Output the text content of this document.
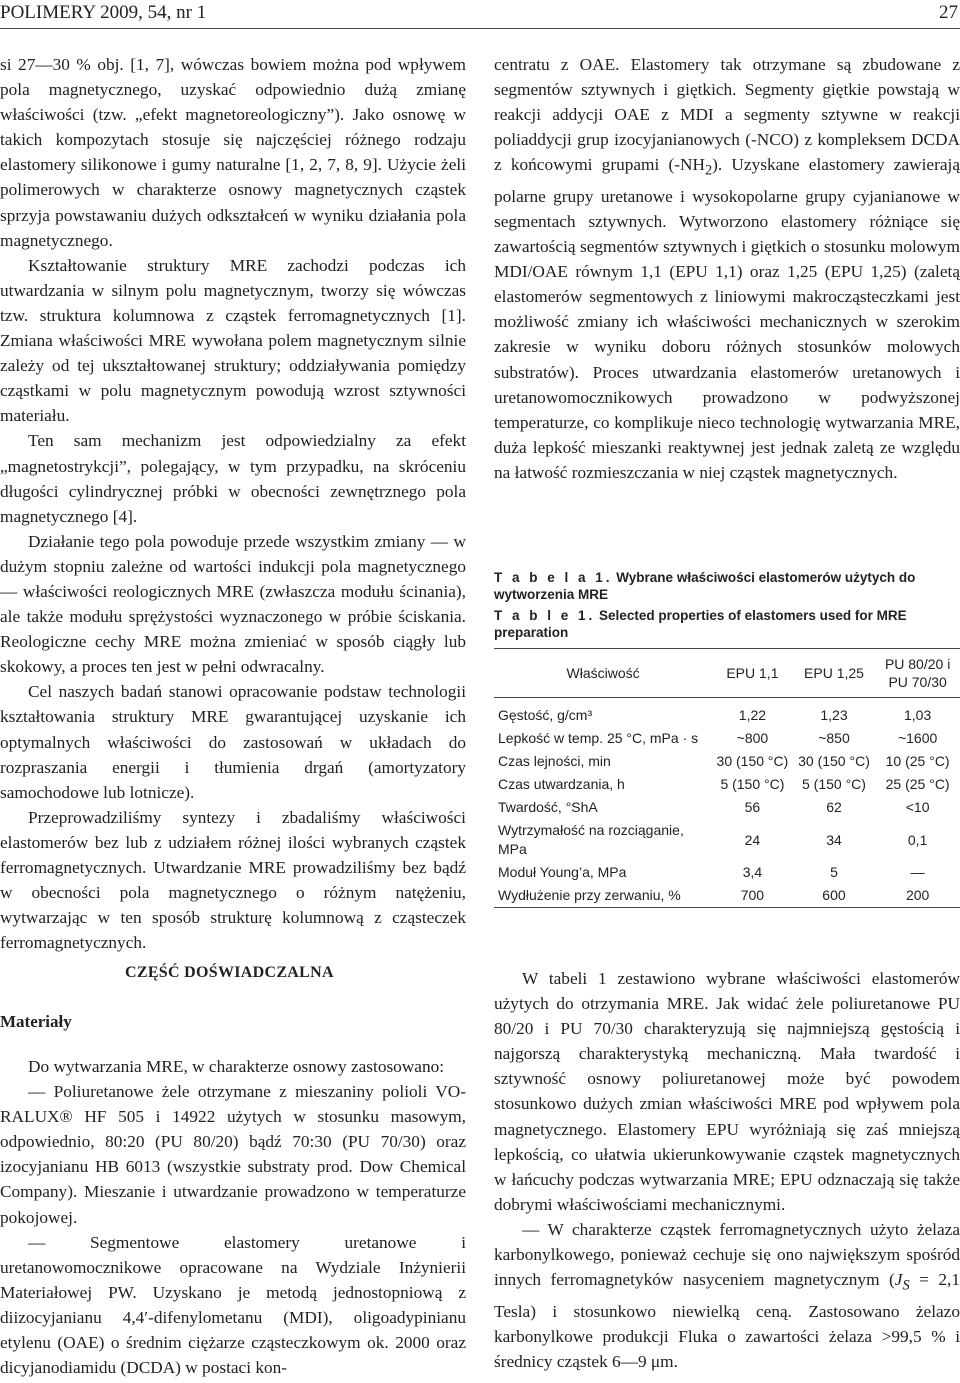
POLIMERY 2009, 54, nr 1	27

si 27—30 % obj. [1, 7], wówczas bowiem można pod wpływem pola magnetycznego, uzyskać odpowiednio dużą zmianę właściwości (tzw. „efekt magnetoreologiczny”). Jako osnowę w takich kompozytach stosuje się najczęściej różnego rodzaju elastomery silikonowe i gumy naturalne [1, 2, 7, 8, 9]. Użycie żeli polimerowych w charakterze osnowy magnetycznych cząstek sprzyja powstawaniu dużych odkształceń w wyniku działania pola magnetycznego.

Kształtowanie struktury MRE zachodzi podczas ich utwardzania w silnym polu magnetycznym, tworzy się wówczas tzw. struktura kolumnowa z cząstek ferromagnetycznych [1]. Zmiana właściwości MRE wywołana polem magnetycznym silnie zależy od tej ukształtowanej struktury; oddziaływania pomiędzy cząstkami w polu magnetycznym powodują wzrost sztywności materiału.

Ten sam mechanizm jest odpowiedzialny za efekt „magnetostrykcji”, polegający, w tym przypadku, na skróceniu długości cylindrycznej próbki w obecności zewnętrznego pola magnetycznego [4].

Działanie tego pola powoduje przede wszystkim zmiany — w dużym stopniu zależne od wartości indukcji pola magnetycznego — właściwości reologicznych MRE (zwłaszcza modułu ścinania), ale także modułu sprężystości wyznaczonego w próbie ściskania. Reologiczne cechy MRE można zmieniać w sposób ciągły lub skokowy, a proces ten jest w pełni odwracalny.

Cel naszych badań stanowi opracowanie podstaw technologii kształtowania struktury MRE gwarantującej uzyskanie ich optymalnych właściwości do zastosowań w układach do rozpraszania energii i tłumienia drgań (amortyzatory samochodowe lub lotnicze).

Przeprowadziliśmy syntezy i zbadaliśmy właściwości elastomerów bez lub z udziałem różnej ilości wybranych cząstek ferromagnetycznych. Utwardzanie MRE prowadziliśmy bez bądź w obecności pola magnetycznego o różnym natężeniu, wytwarzając w ten sposób strukturę kolumnową z cząsteczek ferromagnetycznych.

centratu z OAE. Elastomery tak otrzymane są zbudowane z segmentów sztywnych i giętkich. Segmenty giętkie powstają w reakcji addycji OAE z MDI a segmenty sztywne w reakcji poliaddycji grup izocyjanianowych (-NCO) z kompleksem DCDA z końcowymi grupami $(-NH_2)$. Uzyskane elastomery zawierają polarne grupy uretanowe i wysokopolarne grupy cyjanianowe w segmentach sztywnych. Wytworzono elastomery różniące się zawartością segmentów sztywnych i giętkich o stosunku molowym MDI/OAE równym 1,1 (EPU 1,1) oraz 1,25 (EPU 1,25) (zaletą elastomerów segmentowych z liniowymi makrocząsteczkami jest możliwość zmiany ich właściwości mechanicznych w szerokim zakresie w wyniku doboru różnych stosunków molowych substratów). Proces utwardzania elastomerów uretanowych i uretanowomocznikowych prowadzono w podwyższonej temperaturze, co komplikuje nieco technologię wytwarzania MRE, duża lepkość mieszanki reaktywnej jest jednak zaletą ze względu na łatwość rozmieszczania w niej cząstek magnetycznych.

T a b e l a 1. Wybrane właściwości elastomerów użytych do wytworzenia MRE
T a b l e 1. Selected properties of elastomers used for MRE preparation
Właściwość	EPU 1,1	EPU 1,25	PU 80/20 i PU 70/30
Gęstość, g/cm³	1,22	1,23	1,03
Lepkość w temp. 25 °C, mPa · s	~800	~850	~1600
Czas lejności, min	30 (150 °C)	30 (150 °C)	10 (25 °C)
Czas utwardzania, h	5 (150 °C)	5 (150 °C)	25 (25 °C)
Twardość, °ShA	56	62	<10
Wytrzymałość na rozciąganie, MPa	24	34	0,1
Moduł Young’a, MPa	3,4	5	—
Wydłużenie przy zerwaniu, %	700	600	200
CZĘŚĆ DOŚWIADCZALNA
Materiały

Do wytwarzania MRE, w charakterze osnowy zastosowano:

— Poliuretanowe żele otrzymane z mieszaniny polioli VO-RALUX® HF 505 i 14922 użytych w stosunku masowym, odpowiednio, 80:20 (PU 80/20) bądź 70:30 (PU 70/30) oraz izocyjanianu HB 6013 (wszystkie substraty prod. Dow Chemical Company). Mieszanie i utwardzanie prowadzono w temperaturze pokojowej.

— Segmentowe elastomery uretanowe i uretanowomocznikowe opracowane na Wydziale Inżynierii Materiałowej PW. Uzyskano je metodą jednostopniową z diizocyjanianu 4,4′-difenylometanu (MDI), oligoadypinianu etylenu (OAE) o średnim ciężarze cząsteczkowym ok. 2000 oraz dicyjanodiamidu (DCDA) w postaci kon-

W tabeli 1 zestawiono wybrane właściwości elastomerów użytych do otrzymania MRE. Jak widać żele poliuretanowe PU 80/20 i PU 70/30 charakteryzują się najmniejszą gęstością i najgorszą charakterystyką mechaniczną. Mała twardość i sztywność osnowy poliuretanowej może być powodem stosunkowo dużych zmian właściwości MRE pod wpływem pola magnetycznego. Elastomery EPU wyróżniają się zaś mniejszą lepkością, co ułatwia ukierunkowywanie cząstek magnetycznych w łańcuchy podczas wytwarzania MRE; EPU odznaczają się także dobrymi właściwościami mechanicznymi.

— W charakterze cząstek ferromagnetycznych użyto żelaza karbonylkowego, ponieważ cechuje się ono największym spośród innych ferromagnetyków nasyceniem magnetycznym ($J_S = 2,1$ Tesla) i stosunkowo niewielką ceną. Zastosowano żelazo karbonylkowe produkcji Fluka o zawartości żelaza >99,5 % i średnicy cząstek 6—9 μm.
